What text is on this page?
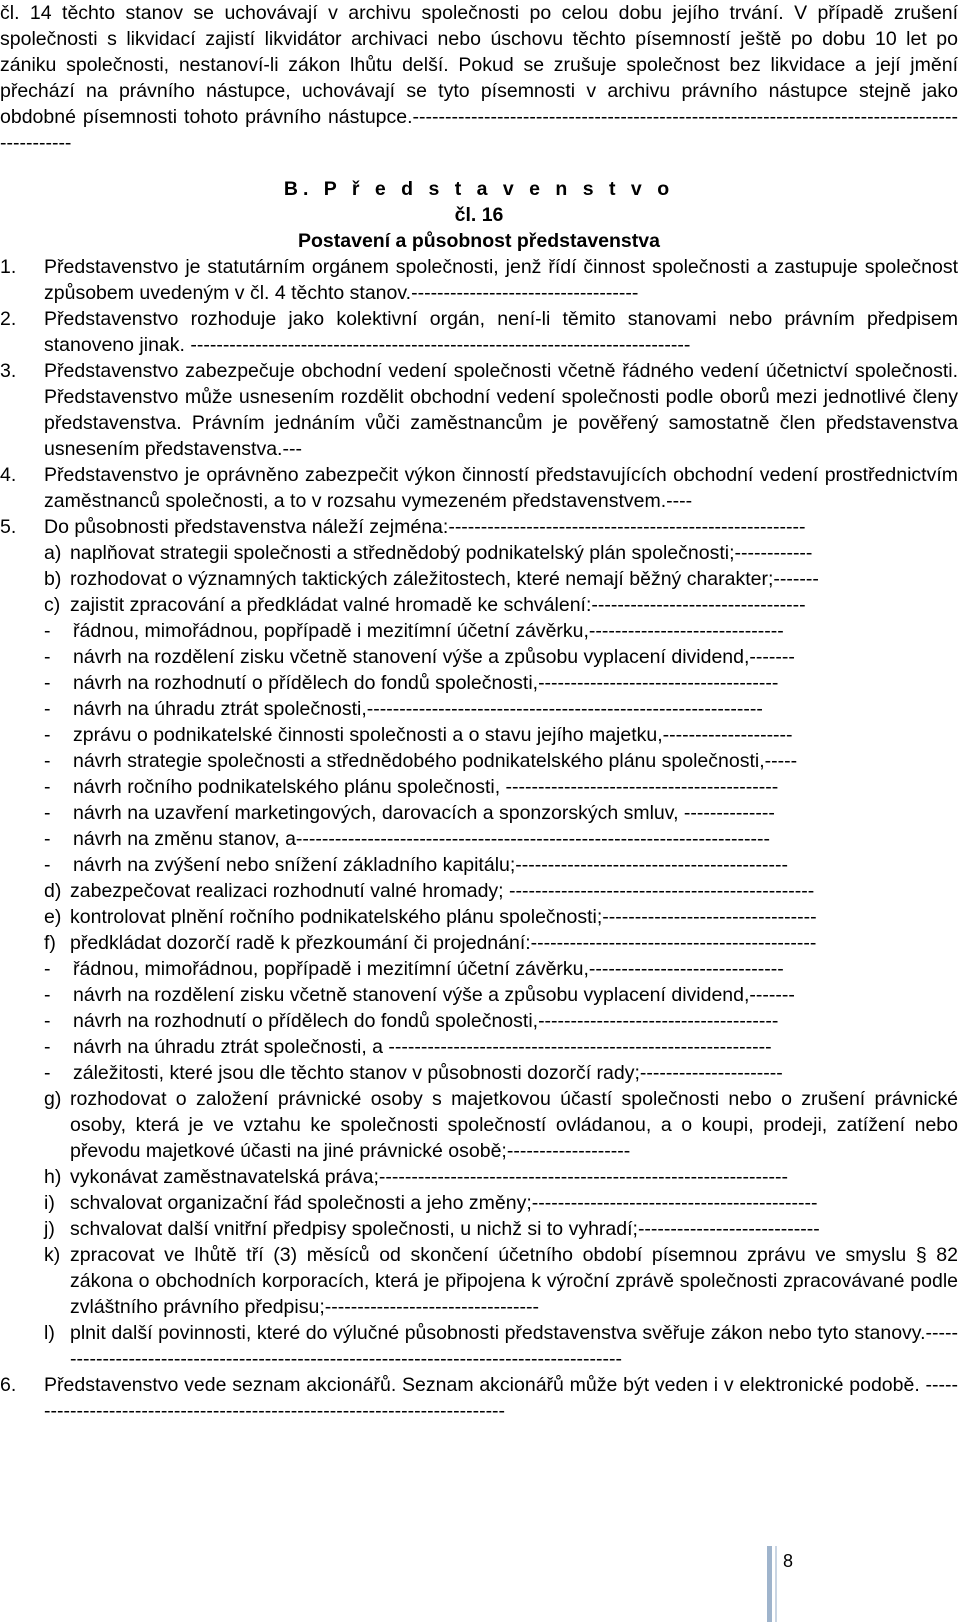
čl. 14 těchto stanov se uchovávají v archivu společnosti po celou dobu jejího trvání. V případě zrušení společnosti s likvidací zajistí likvidátor archivaci nebo úschovu těchto písemností ještě po dobu 10 let po zániku společnosti, nestanoví-li zákon lhůtu delší. Pokud se zrušuje společnost bez likvidace a její jmění přechází na právního nástupce, uchovávají se tyto písemnosti v archivu právního nástupce stejně jako obdobné písemnosti tohoto právního nástupce.-----------------------------------------------------------------------------------------------

B. P ř e d s t a v e n s t v o

čl. 16

Postavení a působnost představenstva

1.	Představenstvo je statutárním orgánem společnosti, jenž řídí činnost společnosti a zastupuje společnost způsobem uvedeným v čl. 4 těchto stanov.-----------------------------------

2.	Představenstvo rozhoduje jako kolektivní orgán, není-li těmito stanovami nebo právním předpisem stanoveno jinak. -----------------------------------------------------------------------------

3.	Představenstvo zabezpečuje obchodní vedení společnosti včetně řádného vedení účetnictví společnosti. Představenstvo může usnesením rozdělit obchodní vedení společnosti podle oborů mezi jednotlivé členy představenstva. Právním jednáním vůči zaměstnancům je pověřený samostatně člen představenstva usnesením představenstva.---

4.	Představenstvo je oprávněno zabezpečit výkon činností představujících obchodní vedení prostřednictvím zaměstnanců společnosti, a to v rozsahu vymezeném představenstvem.----

5.	Do působnosti představenstva náleží zejména:-------------------------------------------------------

a) naplňovat strategii společnosti a střednědobý podnikatelský plán společnosti;------------
b) rozhodovat o významných taktických záležitostech, které nemají běžný charakter;-------
c) zajistit zpracování a předkládat valné hromadě ke schválení:---------------------------------
-	řádnou, mimořádnou, popřípadě i mezitímní účetní závěrku,------------------------------
-	návrh na rozdělení zisku včetně stanovení výše a způsobu vyplacení dividend,-------
-	návrh na rozhodnutí o přídělech do fondů společnosti,-------------------------------------
-	návrh na úhradu ztrát společnosti,-------------------------------------------------------------
-	zprávu o podnikatelské činnosti společnosti a o stavu jejího majetku,--------------------
-	návrh strategie společnosti a střednědobého podnikatelského plánu společnosti,-----
-	návrh ročního podnikatelského plánu společnosti, ------------------------------------------
-	návrh na uzavření marketingových, darovacích a sponzorských smluv, --------------
-	návrh na změnu stanov, a-------------------------------------------------------------------------
-	návrh na zvýšení nebo snížení základního kapitálu;------------------------------------------
d) zabezpečovat realizaci rozhodnutí valné hromady; -----------------------------------------------
e) kontrolovat plnění ročního podnikatelského plánu společnosti;---------------------------------
f) předkládat dozorčí radě k přezkoumání či projednání:--------------------------------------------
-	řádnou, mimořádnou, popřípadě i mezitímní účetní závěrku,------------------------------
-	návrh na rozdělení zisku včetně stanovení výše a způsobu vyplacení dividend,-------
-	návrh na rozhodnutí o přídělech do fondů společnosti,-------------------------------------
-	návrh na úhradu ztrát společnosti, a -----------------------------------------------------------
-	záležitosti, které jsou dle těchto stanov v působnosti dozorčí rady;----------------------
g) rozhodovat o založení právnické osoby s majetkovou účastí společnosti nebo o zrušení právnické osoby, která je ve vztahu ke společnosti společností ovládanou, a o koupi, prodeji, zatížení nebo převodu majetkové účasti na jiné právnické osobě;-------------------
h) vykonávat zaměstnavatelská práva;---------------------------------------------------------------
i) schvalovat organizační řád společnosti a jeho změny;--------------------------------------------
j) schvalovat další vnitřní předpisy společnosti, u nichž si to vyhradí;----------------------------
k) zpracovat ve lhůtě tří (3) měsíců od skončení účetního období písemnou zprávu ve smyslu § 82 zákona o obchodních korporacích, která je připojena k výroční zprávě společnosti zpracovávané podle zvláštního právního předpisu;---------------------------------
l) plnit další povinnosti, které do výlučné působnosti představenstva svěřuje zákon nebo tyto stanovy.------------------------------------------------------------------------------------------
6.	Představenstvo vede seznam akcionářů. Seznam akcionářů může být veden i v elektronické podobě. ----------------------------------------------------------------------------

8
